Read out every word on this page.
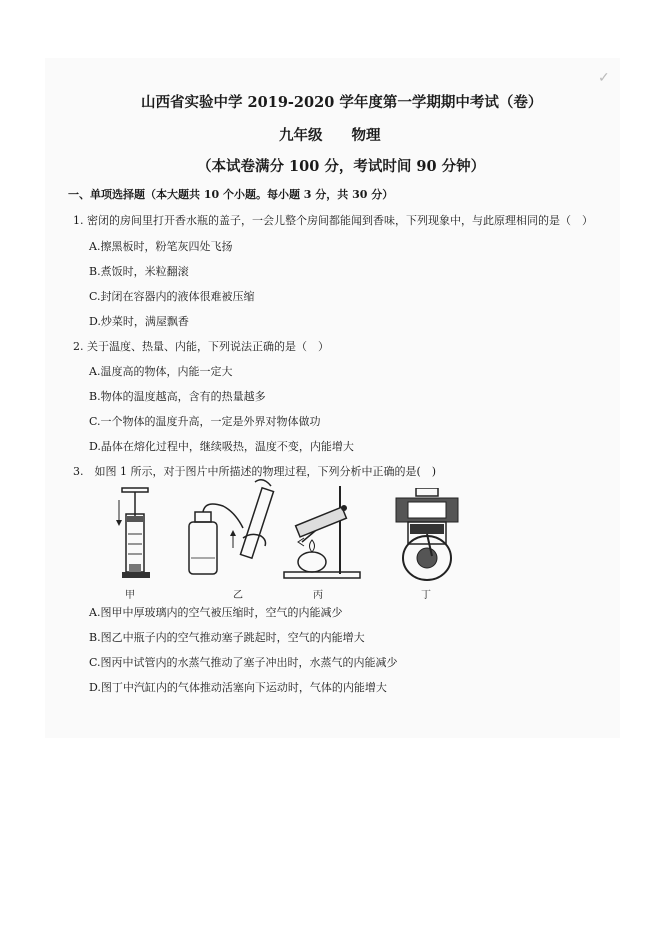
✓
山西省实验中学 2019-2020 学年度第一学期期中考试（卷）
九年级　　物理
（本试卷满分 100 分，考试时间 90 分钟）
一、单项选择题（本大题共 10 个小题。每小题 3 分，共 30 分）
1. 密闭的房间里打开香水瓶的盖子，一会儿整个房间都能闻到香味，下列现象中，与此原理相同的是（　）
A.擦黑板时，粉笔灰四处飞扬
B.煮饭时，米粒翻滚
C.封闭在容器内的液体很难被压缩
D.炒菜时，满屋飘香
2. 关于温度、热量、内能，下列说法正确的是（　）
A.温度高的物体，内能一定大
B.物体的温度越高，含有的热量越多
C.一个物体的温度升高，一定是外界对物体做功
D.晶体在熔化过程中，继续吸热，温度不变，内能增大
3.　如图 1 所示，对于图片中所描述的物理过程，下列分析中正确的是(　)
甲	乙	丙	丁
A.图甲中厚玻璃内的空气被压缩时，空气的内能减少
B.图乙中瓶子内的空气推动塞子跳起时，空气的内能增大
C.图丙中试管内的水蒸气推动了塞子冲出时，水蒸气的内能减少
D.图丁中汽缸内的气体推动活塞向下运动时，气体的内能增大
